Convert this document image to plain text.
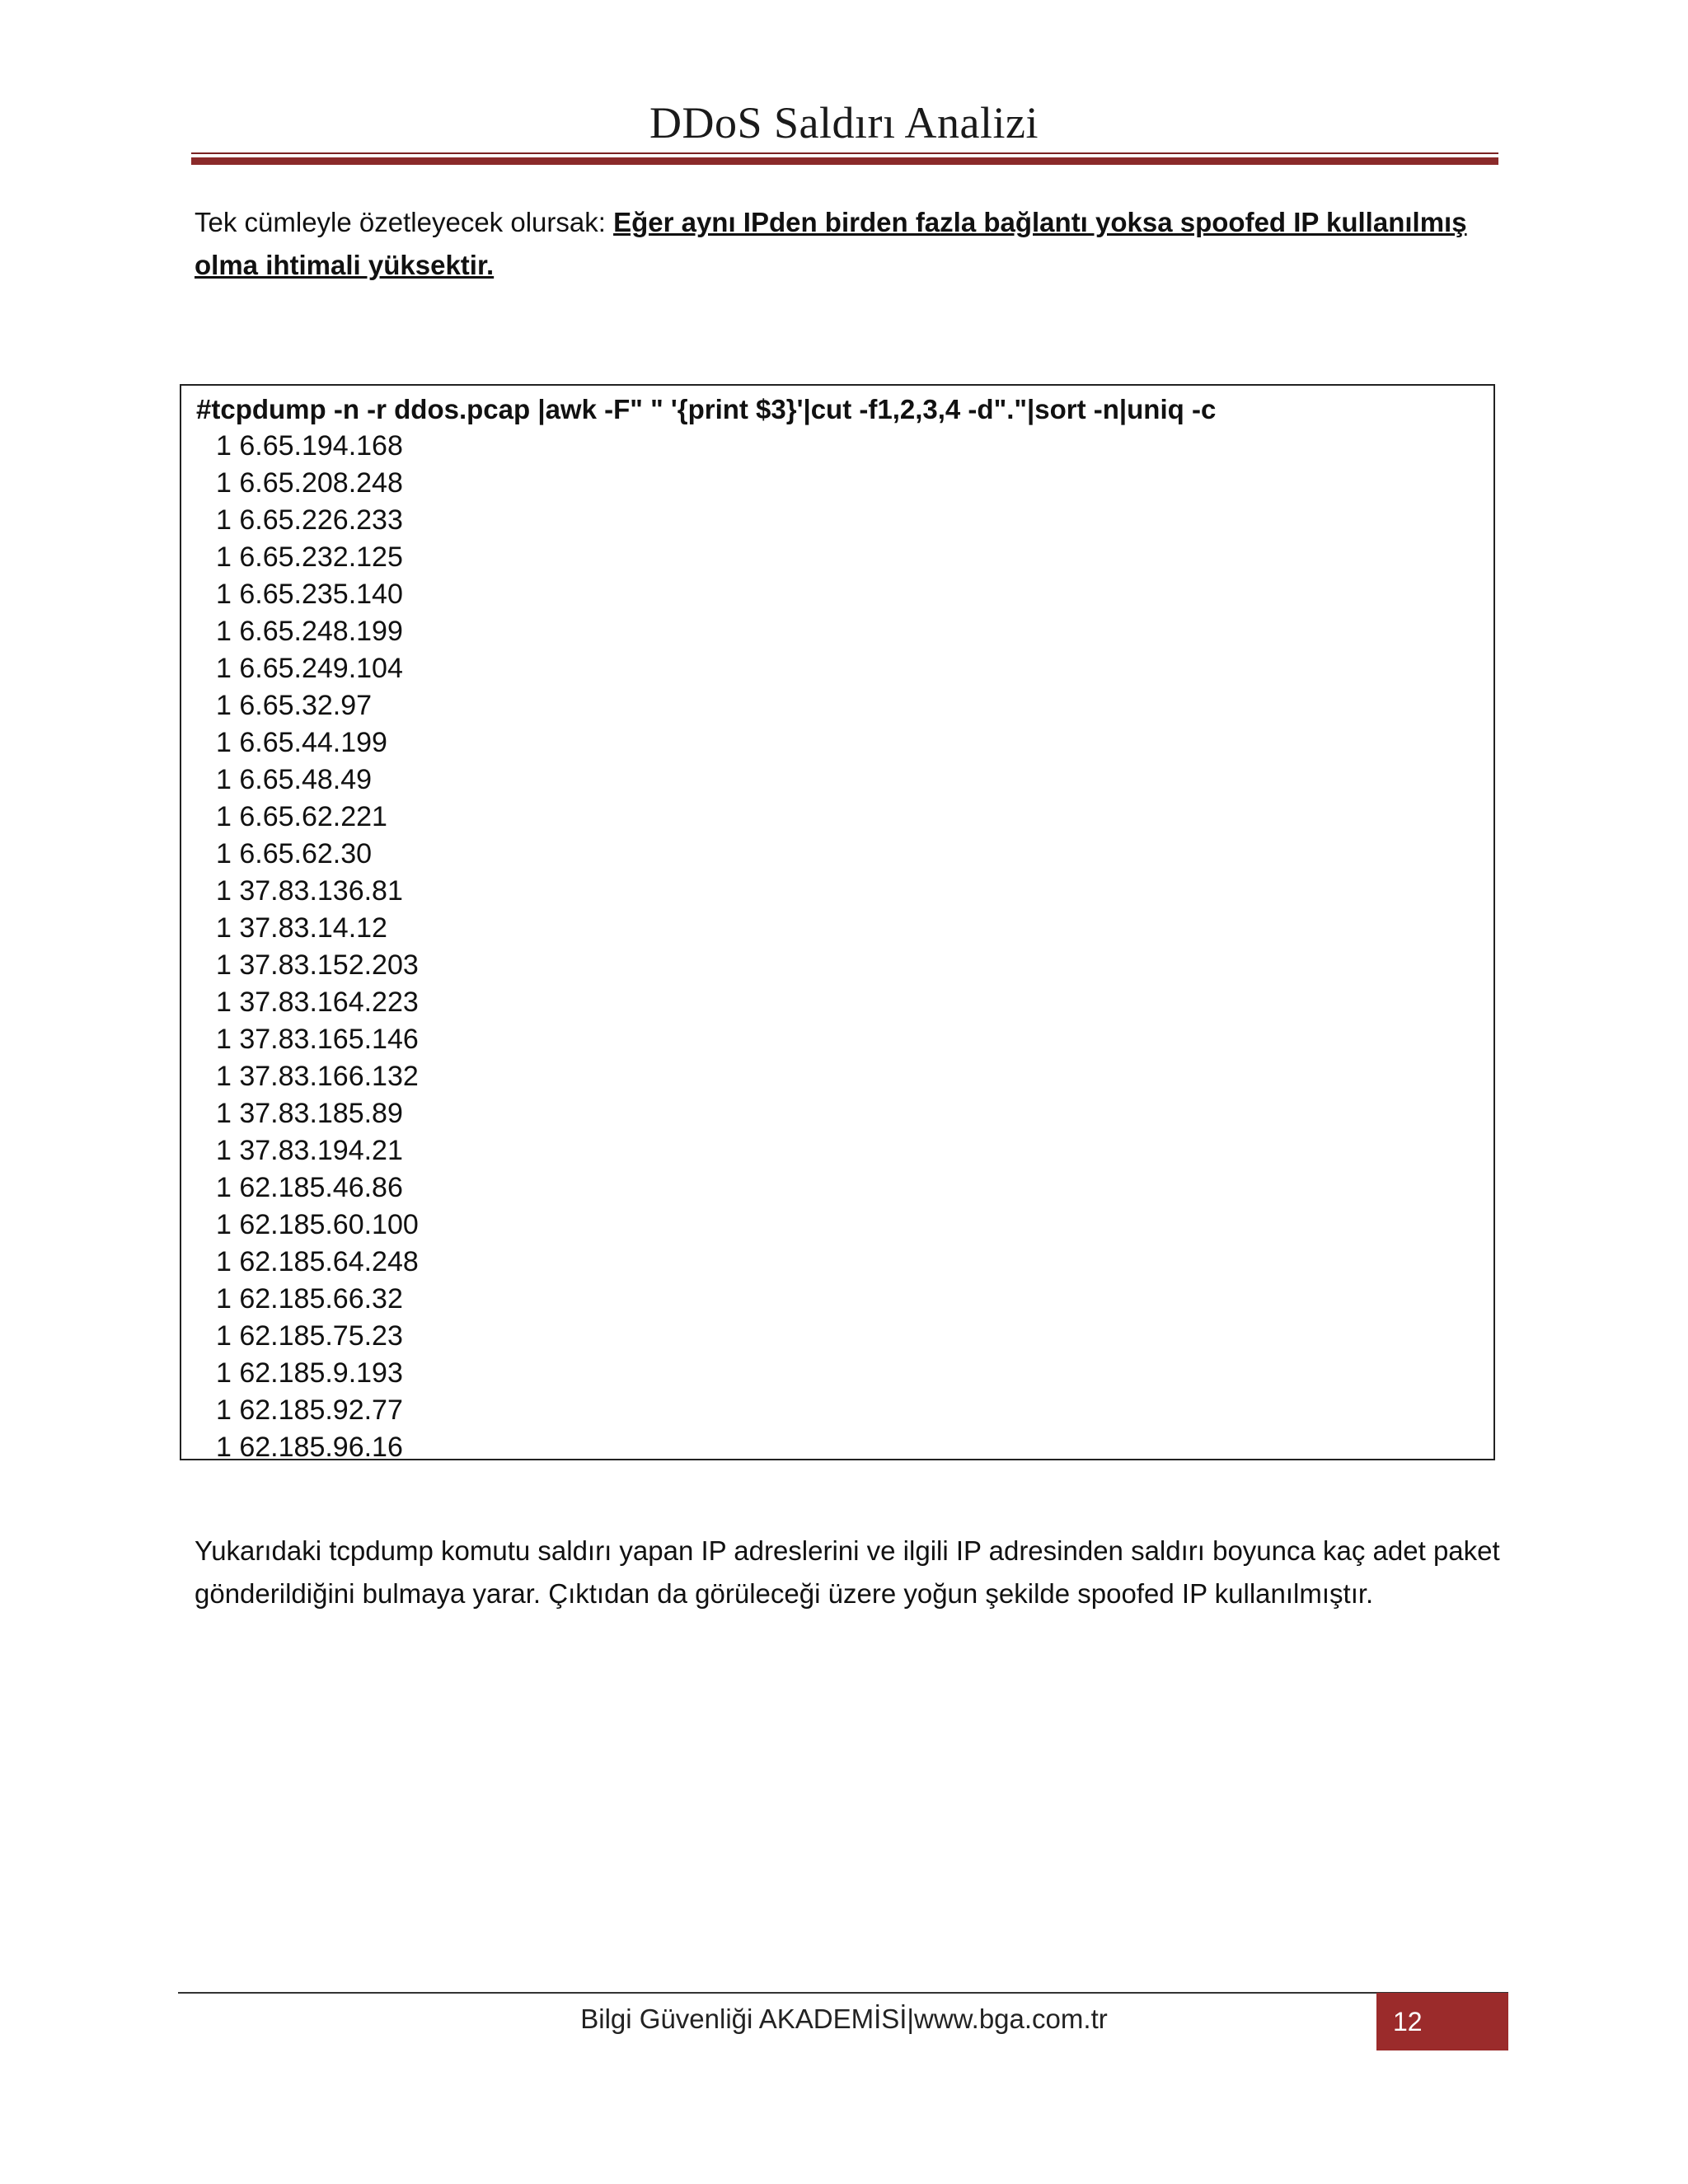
DDoS Saldırı Analizi
Tek cümleyle özetleyecek olursak: Eğer aynı IPden birden fazla bağlantı yoksa spoofed IP kullanılmış olma ihtimali yüksektir.
#tcpdump -n -r ddos.pcap |awk -F" " '{print $3}'|cut -f1,2,3,4 -d"."|sort -n|uniq -c
1 6.65.194.168
1 6.65.208.248
1 6.65.226.233
1 6.65.232.125
1 6.65.235.140
1 6.65.248.199
1 6.65.249.104
1 6.65.32.97
1 6.65.44.199
1 6.65.48.49
1 6.65.62.221
1 6.65.62.30
1 37.83.136.81
1 37.83.14.12
1 37.83.152.203
1 37.83.164.223
1 37.83.165.146
1 37.83.166.132
1 37.83.185.89
1 37.83.194.21
1 62.185.46.86
1 62.185.60.100
1 62.185.64.248
1 62.185.66.32
1 62.185.75.23
1 62.185.9.193
1 62.185.92.77
1 62.185.96.16
Yukarıdaki tcpdump komutu saldırı yapan IP adreslerini ve ilgili IP adresinden saldırı boyunca kaç adet paket gönderildiğini bulmaya yarar. Çıktıdan da görüleceği üzere yoğun şekilde spoofed IP kullanılmıştır.
Bilgi Güvenliği AKADEMİSİ|www.bga.com.tr	12
